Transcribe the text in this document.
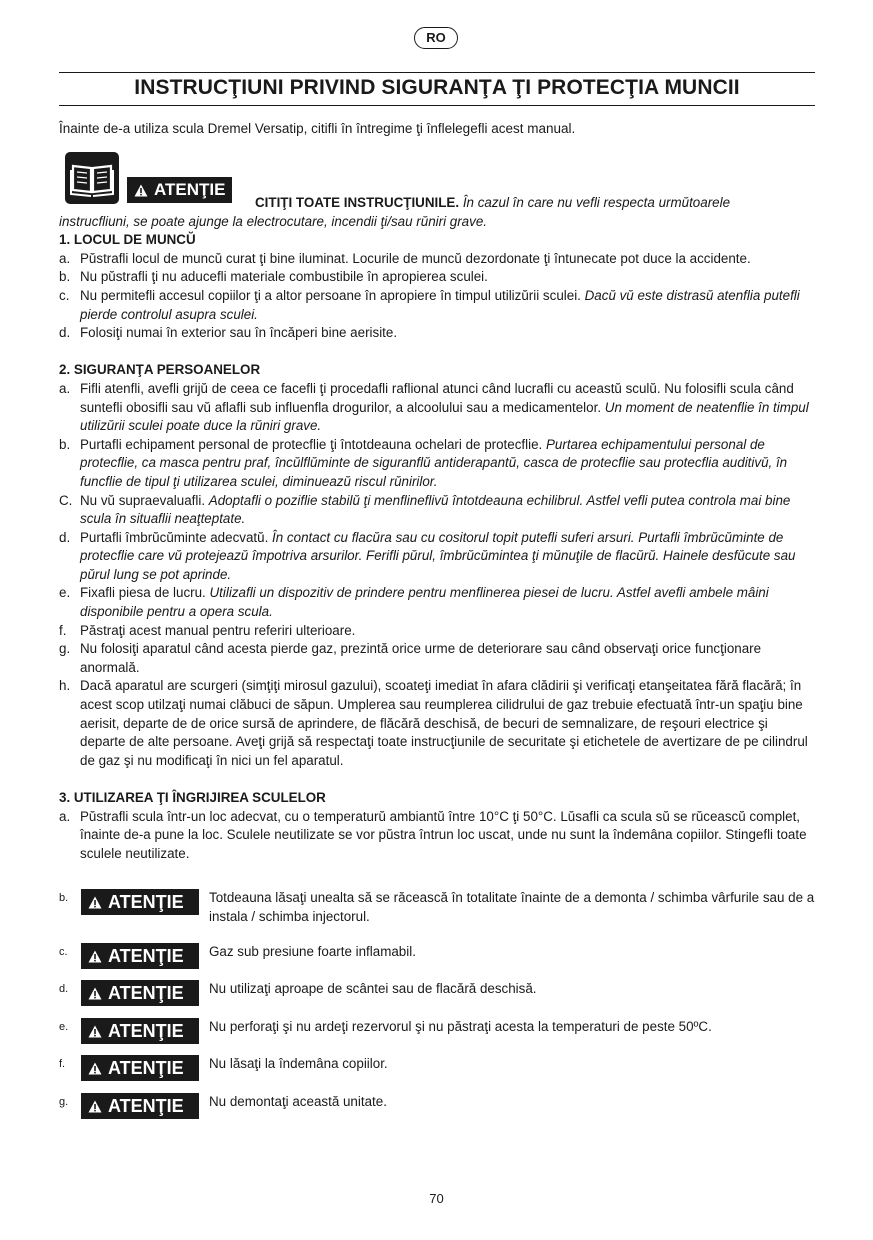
RO
INSTRUCŢIUNI PRIVIND SIGURANŢA ŢI PROTECŢIA MUNCII
Înainte de-a utiliza scula Dremel Versatip, citifli în întregime ţi înflelegefli acest manual.
ATENŢIE

CITIŢI TOATE INSTRUCŢIUNILE. În cazul în care nu vefli respecta urmŭtoarele

instrucfliuni, se poate ajunge la electrocutare, incendii ţi/sau rŭniri grave.

1. LOCUL DE MUNCŬ

a. Pŭstrafli locul de muncŭ curat ţi bine iluminat. Locurile de muncŭ dezordonate ţi întunecate pot duce la accidente.
b. Nu pŭstrafli ţi nu aducefli materiale combustibile în apropierea sculei.
c. Nu permitefli accesul copiilor ţi a altor persoane în apropiere în timpul utilizŭrii sculei. Dacŭ vŭ este distrasŭ atenflia putefli pierde controlul asupra sculei.
d. Folosiţi numai în exterior sau în încăperi bine aerisite.

2. SIGURANŢA PERSOANELOR

a. Fifli atenfli, avefli grijŭ de ceea ce facefli ţi procedafli raflional atunci când lucrafli cu aceastŭ sculŭ. Nu folosifli scula când suntefli obosifli sau vŭ aflafli sub influenfla drogurilor, a alcoolului sau a medicamentelor. Un moment de neatenflie în timpul utilizŭrii sculei poate duce la rŭniri grave.
b. Purtafli echipament personal de protecflie ţi întotdeauna ochelari de protecflie. Purtarea echipamentului personal de protecflie, ca masca pentru praf, încŭlflŭminte de siguranflŭ antiderapantŭ, casca de protecflie sau protecflia auditivŭ, în funcflie de tipul ţi utilizarea sculei, diminueazŭ riscul rŭnirilor.
C. Nu vŭ supraevaluafli. Adoptafli o poziflie stabilŭ ţi menflineflivŭ întotdeauna echilibrul. Astfel vefli putea controla mai bine scula în situaflii neaţteptate.
d. Purtafli îmbrŭcŭminte adecvatŭ. În contact cu flacŭra sau cu cositorul topit putefli suferi arsuri. Purtafli îmbrŭcŭminte de protecflie care vŭ protejeazŭ împotriva arsurilor. Ferifli pŭrul, îmbrŭcŭmintea ţi mŭnuţile de flacŭrŭ. Hainele desfŭcute sau pŭrul lung se pot aprinde.
e. Fixafli piesa de lucru. Utilizafli un dispozitiv de prindere pentru menflinerea piesei de lucru. Astfel avefli ambele mâini disponibile pentru a opera scula.
f.	Păstraţi acest manual pentru referiri ulterioare.
g. Nu folosiţi aparatul când acesta pierde gaz, prezintă orice urme de deteriorare sau când observaţi orice funcţionare anormală.
h. Dacă aparatul are scurgeri (simţiţi mirosul gazului), scoateţi imediat în afara clădirii şi verificaţi etanşeitatea fără flacără; în acest scop utilzaţi numai clăbuci de săpun. Umplerea sau reumplerea cilidrului de gaz trebuie efectuată într-un spaţiu bine aerisit, departe de de orice sursă de aprindere, de flăcără deschisă, de becuri de semnalizare, de reşouri electrice şi departe de alte persoane. Aveţi grijă să respectaţi toate instrucţiunile de securitate şi etichetele de avertizare de pe cilindrul de gaz şi nu modificaţi în nici un fel aparatul.

3. UTILIZAREA ŢI ÎNGRIJIREA SCULELOR

a. Pŭstrafli scula într-un loc adecvat, cu o temperaturŭ ambiantŭ între 10°C ţi 50°C. Lŭsafli ca scula sŭ se rŭceascŭ complet, înainte de-a pune la loc. Sculele neutilizate se vor pŭstra întrun loc uscat, unde nu sunt la îndemâna copiilor. Stingefli toate sculele neutilizate.
b. ATENŢIE Totdeauna lăsaţi unealta să se răcească în totalitate înainte de a demonta / schimba vârfurile sau de a instala / schimba injectorul.
c. ATENŢIE Gaz sub presiune foarte inflamabil.
d. ATENŢIE Nu utilizaţi aproape de scântei sau de flacără deschisă.
e. ATENŢIE Nu perforaţi şi nu ardeţi rezervorul şi nu păstraţi acesta la temperaturi de peste 50ºC.
f. ATENŢIE Nu lăsaţi la îndemâna copiilor.
g. ATENŢIE Nu demontaţi această unitate.
70
